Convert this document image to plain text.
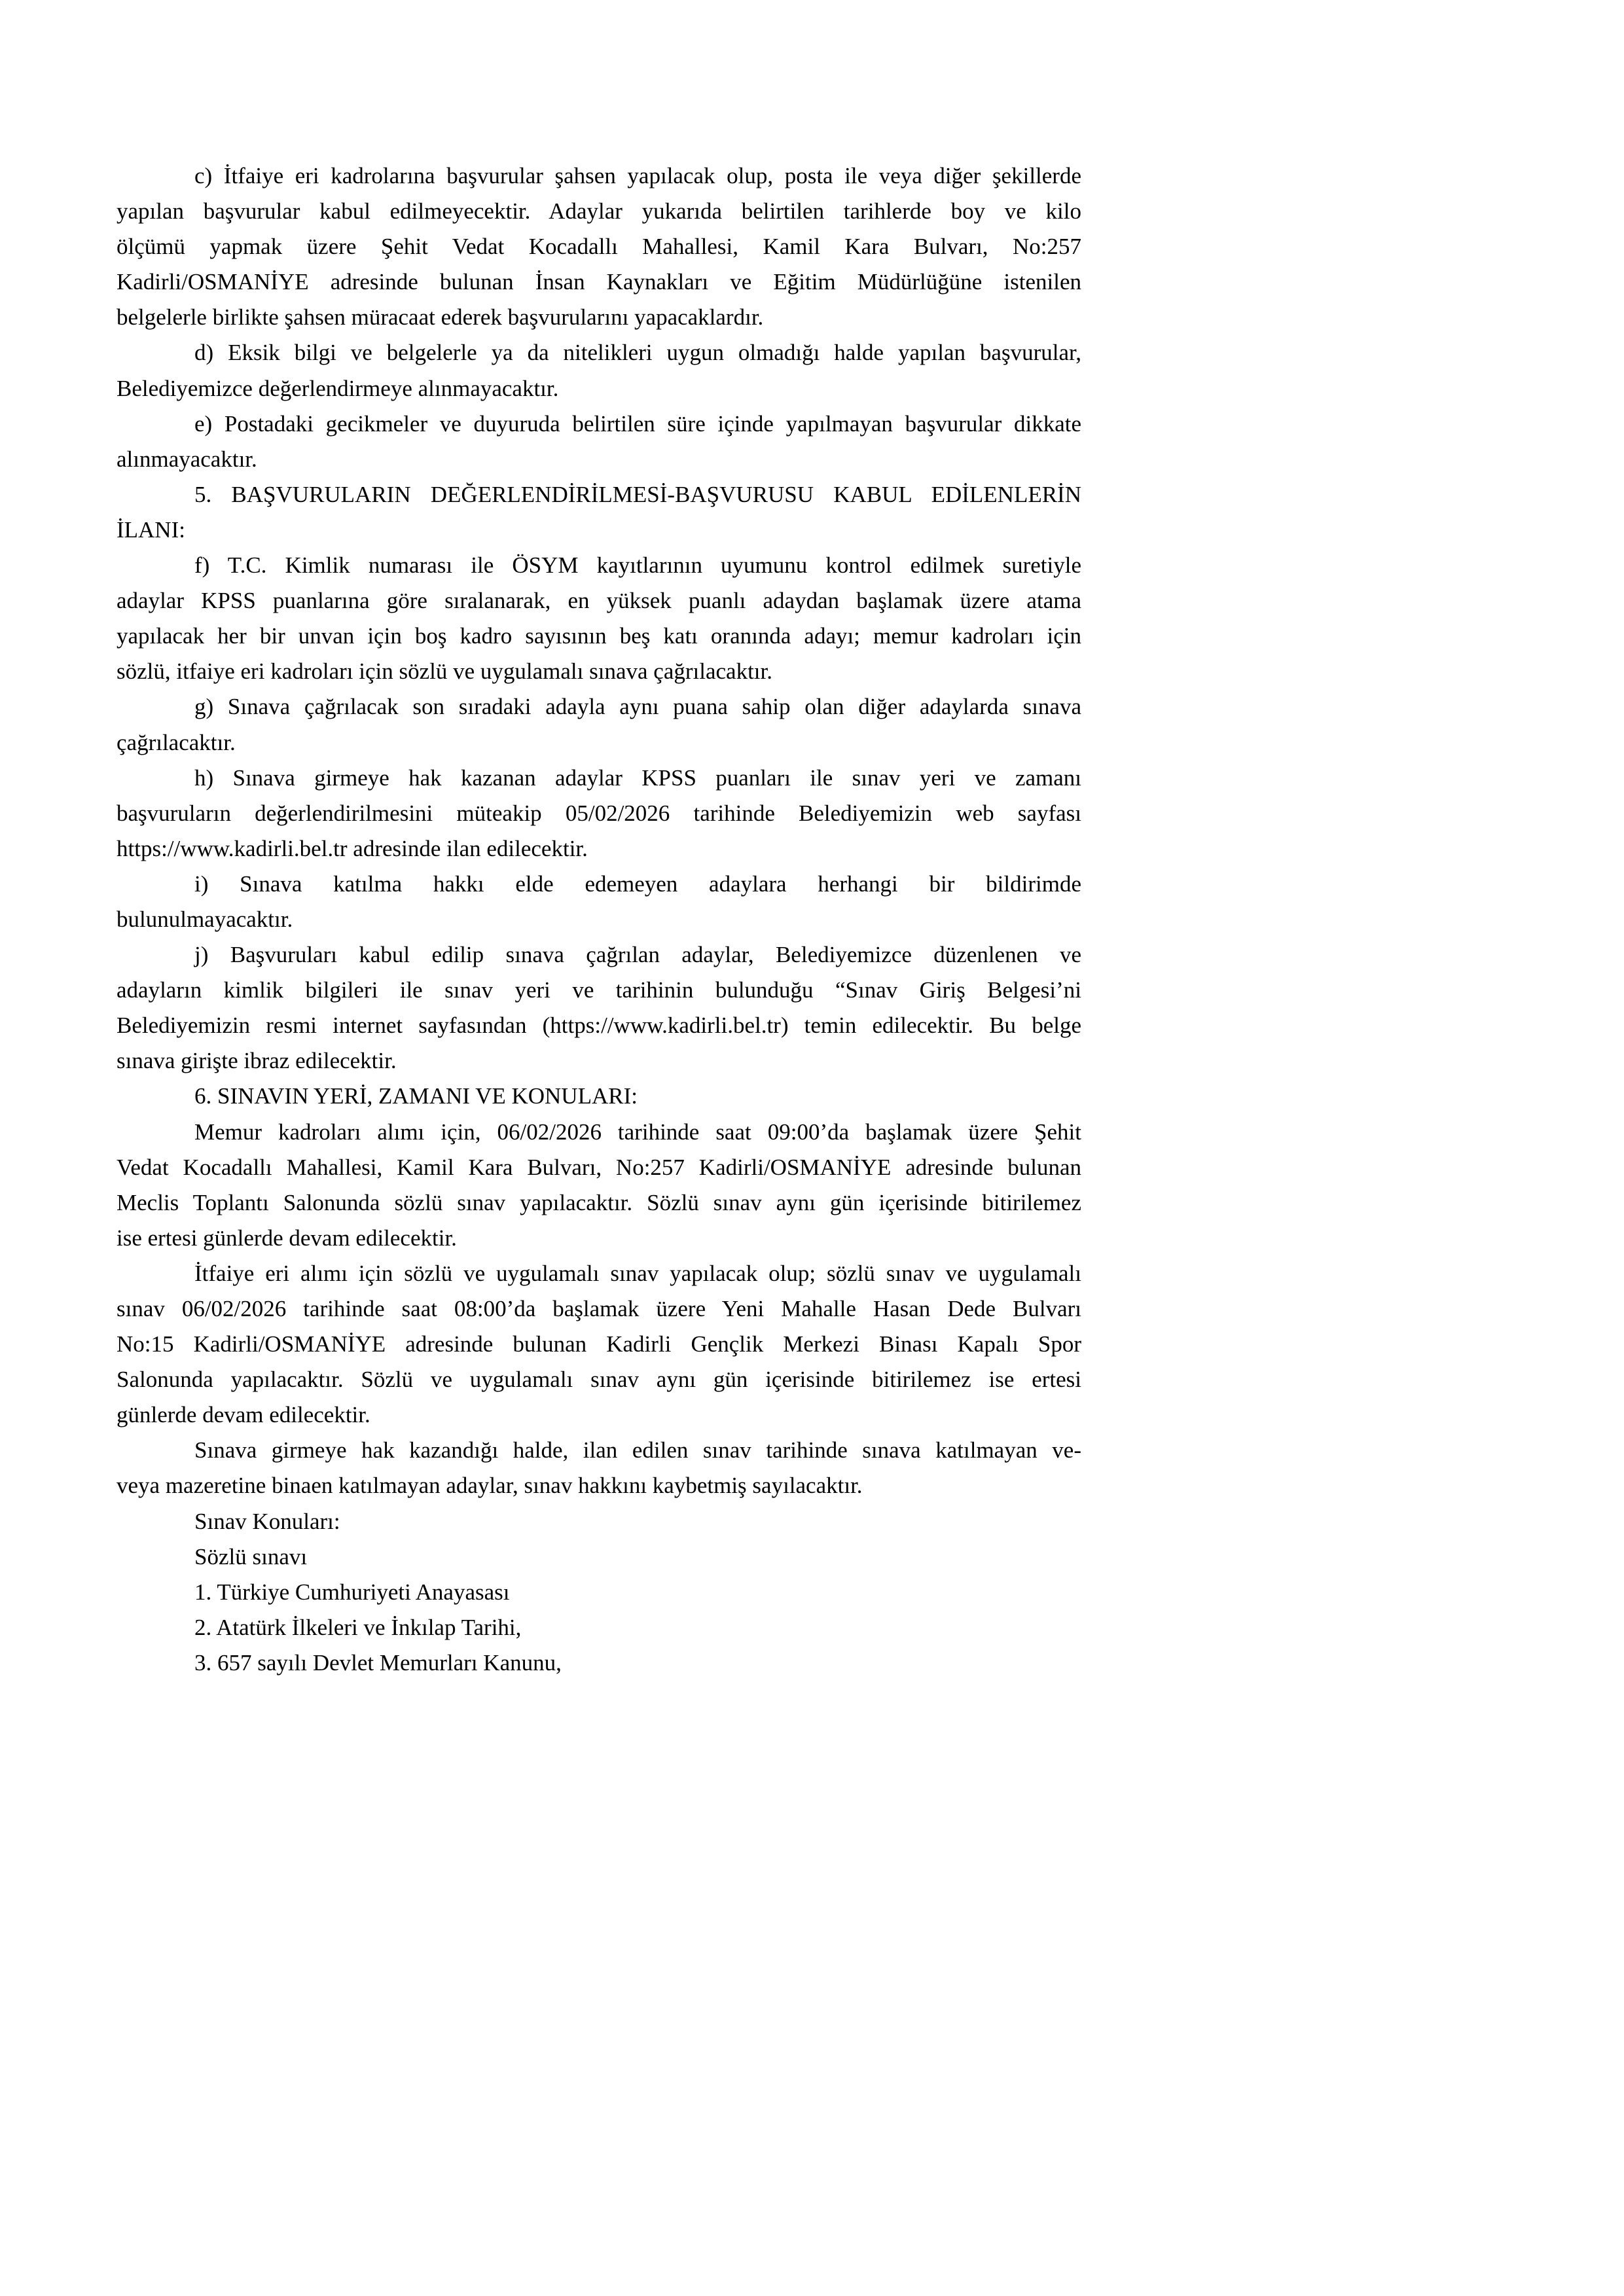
c) İtfaiye eri kadrolarına başvurular şahsen yapılacak olup, posta ile veya diğer şekillerde
yapılan başvurular kabul edilmeyecektir. Adaylar yukarıda belirtilen tarihlerde boy ve kilo
ölçümü yapmak üzere Şehit Vedat Kocadallı Mahallesi, Kamil Kara Bulvarı, No:257
Kadirli/OSMANİYE adresinde bulunan İnsan Kaynakları ve Eğitim Müdürlüğüne istenilen
belgelerle birlikte şahsen müracaat ederek başvurularını yapacaklardır.
d) Eksik bilgi ve belgelerle ya da nitelikleri uygun olmadığı halde yapılan başvurular,
Belediyemizce değerlendirmeye alınmayacaktır.
e) Postadaki gecikmeler ve duyuruda belirtilen süre içinde yapılmayan başvurular dikkate
alınmayacaktır.
5. BAŞVURULARIN DEĞERLENDİRİLMESİ-BAŞVURUSU KABUL EDİLENLERİN
İLANI:
f) T.C. Kimlik numarası ile ÖSYM kayıtlarının uyumunu kontrol edilmek suretiyle
adaylar KPSS puanlarına göre sıralanarak, en yüksek puanlı adaydan başlamak üzere atama
yapılacak her bir unvan için boş kadro sayısının beş katı oranında adayı; memur kadroları için
sözlü, itfaiye eri kadroları için sözlü ve uygulamalı sınava çağrılacaktır.
g) Sınava çağrılacak son sıradaki adayla aynı puana sahip olan diğer adaylarda sınava
çağrılacaktır.
h) Sınava girmeye hak kazanan adaylar KPSS puanları ile sınav yeri ve zamanı
başvuruların değerlendirilmesini müteakip 05/02/2026 tarihinde Belediyemizin web sayfası
https://www.kadirli.bel.tr adresinde ilan edilecektir.
i) Sınava katılma hakkı elde edemeyen adaylara herhangi bir bildirimde
bulunulmayacaktır.
j) Başvuruları kabul edilip sınava çağrılan adaylar, Belediyemizce düzenlenen ve
adayların kimlik bilgileri ile sınav yeri ve tarihinin bulunduğu “Sınav Giriş Belgesi’ni
Belediyemizin resmi internet sayfasından (https://www.kadirli.bel.tr) temin edilecektir. Bu belge
sınava girişte ibraz edilecektir.
6. SINAVIN YERİ, ZAMANI VE KONULARI:
Memur kadroları alımı için, 06/02/2026 tarihinde saat 09:00’da başlamak üzere Şehit
Vedat Kocadallı Mahallesi, Kamil Kara Bulvarı, No:257 Kadirli/OSMANİYE adresinde bulunan
Meclis Toplantı Salonunda sözlü sınav yapılacaktır. Sözlü sınav aynı gün içerisinde bitirilemez
ise ertesi günlerde devam edilecektir.
İtfaiye eri alımı için sözlü ve uygulamalı sınav yapılacak olup; sözlü sınav ve uygulamalı
sınav 06/02/2026 tarihinde saat 08:00’da başlamak üzere Yeni Mahalle Hasan Dede Bulvarı
No:15 Kadirli/OSMANİYE adresinde bulunan Kadirli Gençlik Merkezi Binası Kapalı Spor
Salonunda yapılacaktır. Sözlü ve uygulamalı sınav aynı gün içerisinde bitirilemez ise ertesi
günlerde devam edilecektir.
Sınava girmeye hak kazandığı halde, ilan edilen sınav tarihinde sınava katılmayan ve-
veya mazeretine binaen katılmayan adaylar, sınav hakkını kaybetmiş sayılacaktır.
Sınav Konuları:
Sözlü sınavı
1. Türkiye Cumhuriyeti Anayasası
2. Atatürk İlkeleri ve İnkılap Tarihi,
3. 657 sayılı Devlet Memurları Kanunu,
